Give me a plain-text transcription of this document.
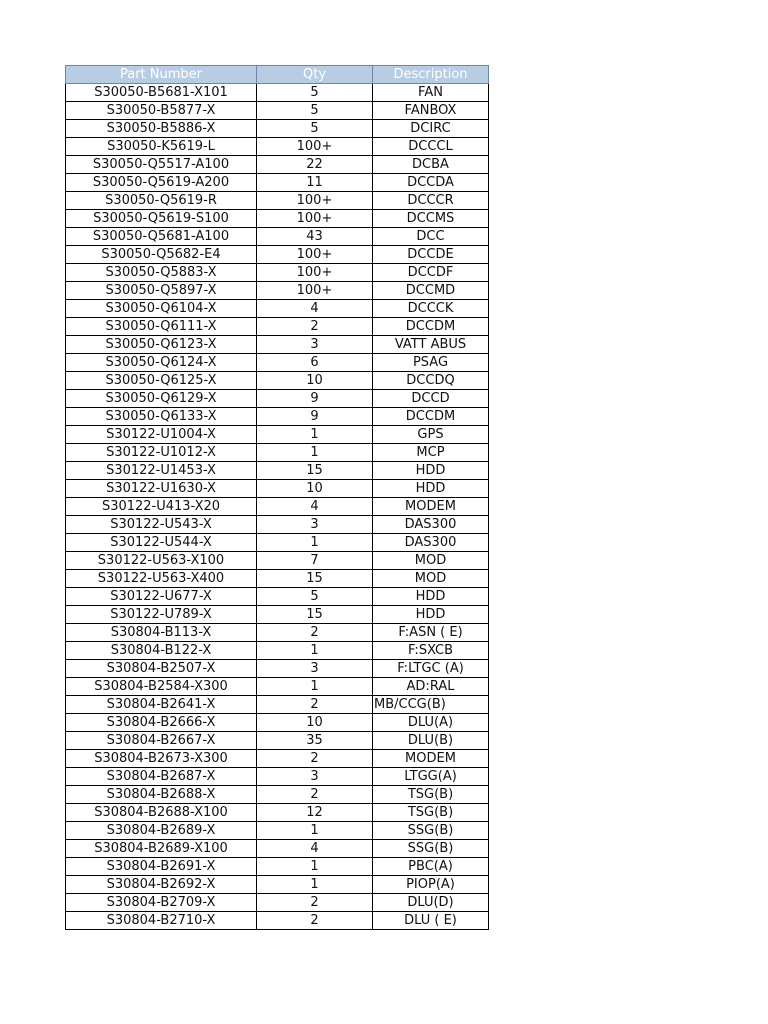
Part Number	Qty	Description
S30050-B5681-X101	5	FAN
S30050-B5877-X	5	FANBOX
S30050-B5886-X	5	DCIRC
S30050-K5619-L	100+	DCCCL
S30050-Q5517-A100	22	DCBA
S30050-Q5619-A200	11	DCCDA
S30050-Q5619-R	100+	DCCCR
S30050-Q5619-S100	100+	DCCMS
S30050-Q5681-A100	43	DCC
S30050-Q5682-E4	100+	DCCDE
S30050-Q5883-X	100+	DCCDF
S30050-Q5897-X	100+	DCCMD
S30050-Q6104-X	4	DCCCK
S30050-Q6111-X	2	DCCDM
S30050-Q6123-X	3	VATT ABUS
S30050-Q6124-X	6	PSAG
S30050-Q6125-X	10	DCCDQ
S30050-Q6129-X	9	DCCD
S30050-Q6133-X	9	DCCDM
S30122-U1004-X	1	GPS
S30122-U1012-X	1	MCP
S30122-U1453-X	15	HDD
S30122-U1630-X	10	HDD
S30122-U413-X20	4	MODEM
S30122-U543-X	3	DAS300
S30122-U544-X	1	DAS300
S30122-U563-X100	7	MOD
S30122-U563-X400	15	MOD
S30122-U677-X	5	HDD
S30122-U789-X	15	HDD
S30804-B113-X	2	F:ASN ( E)
S30804-B122-X	1	F:SXCB
S30804-B2507-X	3	F:LTGC (A)
S30804-B2584-X300	1	AD:RAL
S30804-B2641-X	2	MB/CCG(B)
S30804-B2666-X	10	DLU(A)
S30804-B2667-X	35	DLU(B)
S30804-B2673-X300	2	MODEM
S30804-B2687-X	3	LTGG(A)
S30804-B2688-X	2	TSG(B)
S30804-B2688-X100	12	TSG(B)
S30804-B2689-X	1	SSG(B)
S30804-B2689-X100	4	SSG(B)
S30804-B2691-X	1	PBC(A)
S30804-B2692-X	1	PIOP(A)
S30804-B2709-X	2	DLU(D)
S30804-B2710-X	2	DLU ( E)
